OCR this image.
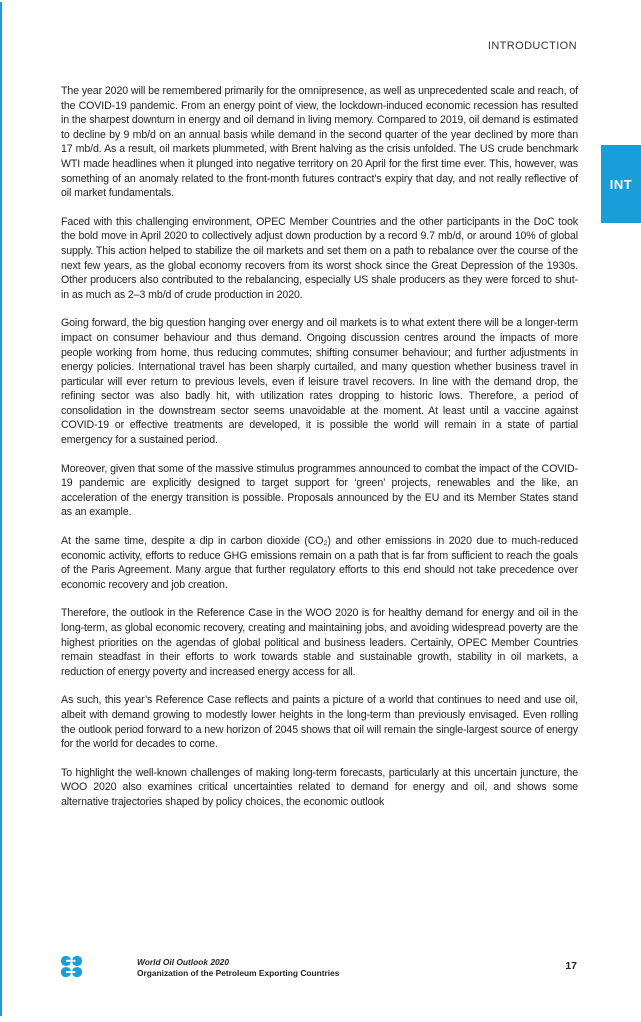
INTRODUCTION
INT

The year 2020 will be remembered primarily for the omnipresence, as well as unprecedented scale and reach, of the COVID-19 pandemic. From an energy point of view, the lockdown-induced economic recession has resulted in the sharpest downturn in energy and oil demand in living memory. Compared to 2019, oil demand is estimated to decline by 9 mb/d on an annual basis while demand in the second quarter of the year declined by more than 17 mb/d. As a result, oil markets plummeted, with Brent halving as the crisis unfolded. The US crude benchmark WTI made headlines when it plunged into negative territory on 20 April for the first time ever. This, however, was something of an anomaly related to the front-month futures contract’s expiry that day, and not really reflective of oil market fundamentals.

Faced with this challenging environment, OPEC Member Countries and the other participants in the DoC took the bold move in April 2020 to collectively adjust down production by a record 9.7 mb/d, or around 10% of global supply. This action helped to stabilize the oil markets and set them on a path to rebalance over the course of the next few years, as the global economy recovers from its worst shock since the Great Depression of the 1930s. Other producers also contributed to the rebalancing, especially US shale producers as they were forced to shut-in as much as 2–3 mb/d of crude production in 2020.

Going forward, the big question hanging over energy and oil markets is to what extent there will be a longer-term impact on consumer behaviour and thus demand. Ongoing discussion centres around the impacts of more people working from home, thus reducing commutes; shifting consumer behaviour; and further adjustments in energy policies. International travel has been sharply curtailed, and many question whether business travel in particular will ever return to previous levels, even if leisure travel recovers. In line with the demand drop, the refining sector was also badly hit, with utilization rates dropping to historic lows. Therefore, a period of consolidation in the downstream sector seems unavoidable at the moment. At least until a vaccine against COVID-19 or effective treatments are developed, it is possible the world will remain in a state of partial emergency for a sustained period.

Moreover, given that some of the massive stimulus programmes announced to combat the impact of the COVID-19 pandemic are explicitly designed to target support for ‘green’ projects, renewables and the like, an acceleration of the energy transition is possible. Proposals announced by the EU and its Member States stand as an example.

At the same time, despite a dip in carbon dioxide (CO₂) and other emissions in 2020 due to much-reduced economic activity, efforts to reduce GHG emissions remain on a path that is far from sufficient to reach the goals of the Paris Agreement. Many argue that further regulatory efforts to this end should not take precedence over economic recovery and job creation.

Therefore, the outlook in the Reference Case in the WOO 2020 is for healthy demand for energy and oil in the long-term, as global economic recovery, creating and maintaining jobs, and avoiding widespread poverty are the highest priorities on the agendas of global political and business leaders. Certainly, OPEC Member Countries remain steadfast in their efforts to work towards stable and sustainable growth, stability in oil markets, a reduction of energy poverty and increased energy access for all.

As such, this year’s Reference Case reflects and paints a picture of a world that continues to need and use oil, albeit with demand growing to modestly lower heights in the long-term than previously envisaged. Even rolling the outlook period forward to a new horizon of 2045 shows that oil will remain the single-largest source of energy for the world for decades to come.

To highlight the well-known challenges of making long-term forecasts, particularly at this uncertain juncture, the WOO 2020 also examines critical uncertainties related to demand for energy and oil, and shows some alternative trajectories shaped by policy choices, the economic outlook

World Oil Outlook 2020
Organization of the Petroleum Exporting Countries
17
